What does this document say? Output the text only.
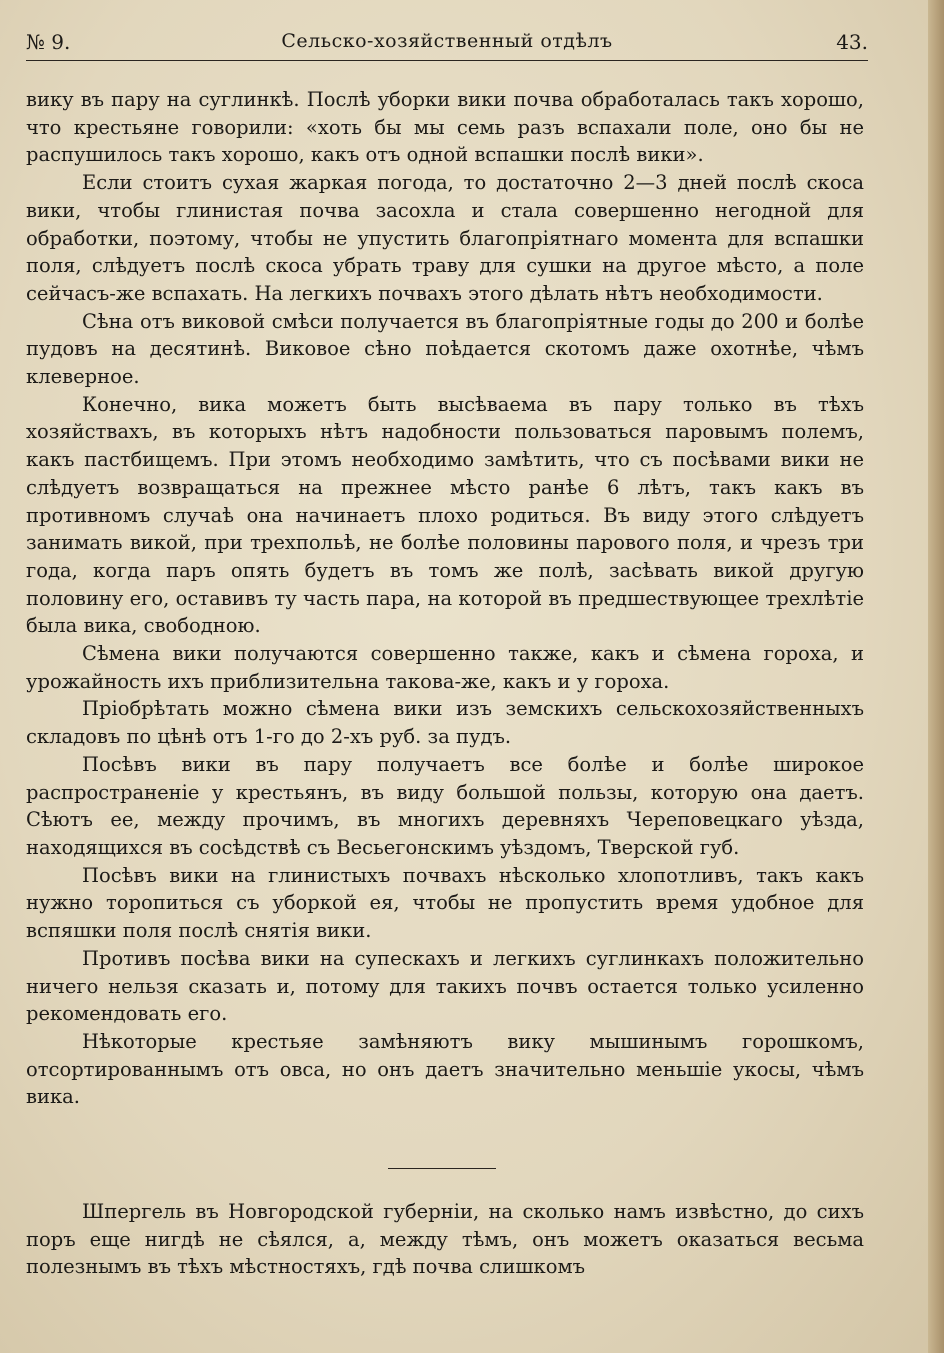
№ 9.	Сельско-хозяйственный отдѣлъ	43.

вику въ пару на суглинкѣ. Послѣ уборки вики почва обработалась такъ хорошо, что крестьяне говорили: «хоть бы мы семь разъ вспахали поле, оно бы не распушилось такъ хорошо, какъ отъ одной вспашки послѣ вики».

Если стоитъ сухая жаркая погода, то достаточно 2—3 дней послѣ скоса вики, чтобы глинистая почва засохла и стала совершенно негодной для обработки, поэтому, чтобы не упустить благопріятнаго момента для вспашки поля, слѣдуетъ послѣ скоса убрать траву для сушки на другое мѣсто, а поле сейчасъ-же вспахать. На легкихъ почвахъ этого дѣлать нѣтъ необходимости.

Сѣна отъ виковой смѣси получается въ благопріятные годы до 200 и болѣе пудовъ на десятинѣ. Виковое сѣно поѣдается скотомъ даже охотнѣе, чѣмъ клеверное.

Конечно, вика можетъ быть высѣваема въ пару только въ тѣхъ хозяйствахъ, въ которыхъ нѣтъ надобности пользоваться паровымъ полемъ, какъ пастбищемъ. При этомъ необходимо замѣтить, что съ посѣвами вики не слѣдуетъ возвращаться на прежнее мѣсто ранѣе 6 лѣтъ, такъ какъ въ противномъ случаѣ она начинаетъ плохо родиться. Въ виду этого слѣдуетъ занимать викой, при трехпольѣ, не болѣе половины парового поля, и чрезъ три года, когда паръ опять будетъ въ томъ же полѣ, засѣвать викой другую половину его, оставивъ ту часть пара, на которой въ предшествующее трехлѣтіе была вика, свободною.

Сѣмена вики получаются совершенно также, какъ и сѣмена гороха, и урожайность ихъ приблизительна такова-же, какъ и у гороха.

Пріобрѣтать можно сѣмена вики изъ земскихъ сельскохозяйственныхъ складовъ по цѣнѣ отъ 1-го до 2-хъ руб. за пудъ.

Посѣвъ вики въ пару получаетъ все болѣе и болѣе широкое распространеніе у крестьянъ, въ виду большой пользы, которую она даетъ. Сѣютъ ее, между прочимъ, въ многихъ деревняхъ Череповецкаго уѣзда, находящихся въ сосѣдствѣ съ Весьегонскимъ уѣздомъ, Тверской губ.

Посѣвъ вики на глинистыхъ почвахъ нѣсколько хлопотливъ, такъ какъ нужно торопиться съ уборкой ея, чтобы не пропустить время удобное для вспяшки поля послѣ снятія вики.

Противъ посѣва вики на супескахъ и легкихъ суглинкахъ положительно ничего нельзя сказать и, потому для такихъ почвъ остается только усиленно рекомендовать его.

Нѣкоторые крестьяе замѣняютъ вику мышинымъ горошкомъ, отсортированнымъ отъ овса, но онъ даетъ значительно меньшіе укосы, чѣмъ вика.

Шпергель въ Новгородской губерніи, на сколько намъ извѣстно, до сихъ поръ еще нигдѣ не сѣялся, а, между тѣмъ, онъ можетъ оказаться весьма полезнымъ въ тѣхъ мѣстностяхъ, гдѣ почва слишкомъ
